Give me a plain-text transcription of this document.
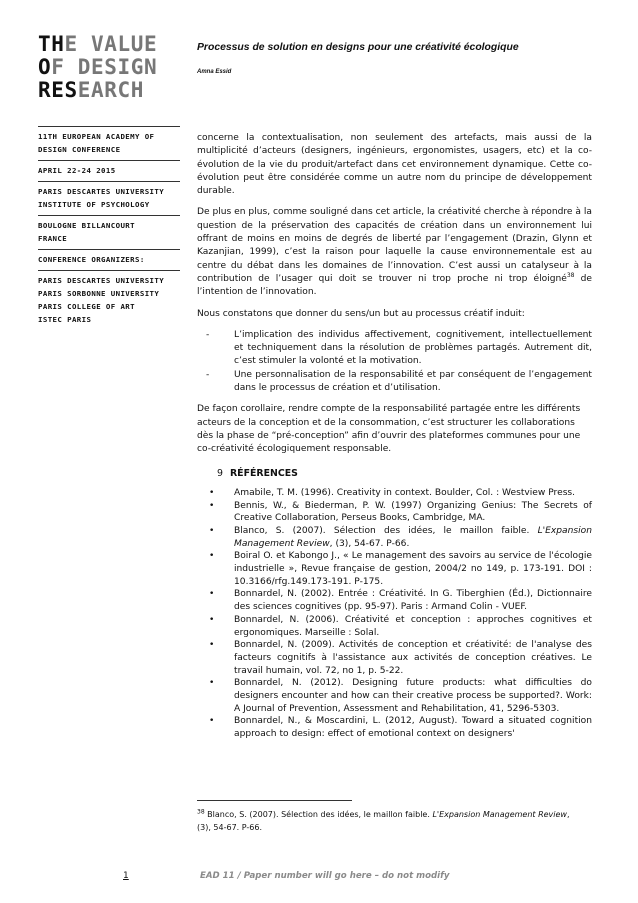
THE VALUE
OF DESIGN
RESEARCH
11TH EUROPEAN ACADEMY OF
DESIGN CONFERENCE
APRIL 22-24 2015
PARIS DESCARTES UNIVERSITY
INSTITUTE OF PSYCHOLOGY
BOULOGNE BILLANCOURT
FRANCE
CONFERENCE ORGANIZERS:
PARIS DESCARTES UNIVERSITY
PARIS SORBONNE UNIVERSITY
PARIS COLLEGE OF ART
ISTEC PARIS
Processus de solution en designs pour une créativité écologique
Amna Essid

concerne la contextualisation, non seulement des artefacts, mais aussi de la multiplicité d’acteurs (designers, ingénieurs, ergonomistes, usagers, etc) et la co-évolution de la vie du produit/artefact dans cet environnement dynamique. Cette co-évolution peut être considérée comme un autre nom du principe de développement durable.

De plus en plus, comme souligné dans cet article, la créativité cherche à répondre à la question de la préservation des capacités de création dans un environnement lui offrant de moins en moins de degrés de liberté par l’engagement (Drazin, Glynn et Kazanjian, 1999), c’est la raison pour laquelle la cause environnementale est au centre du débat dans les domaines de l’innovation. C’est aussi un catalyseur à la contribution de l’usager qui doit se trouver ni trop proche ni trop éloigné$^{38}$ de l’intention de l’innovation.

Nous constatons que donner du sens/un but au processus créatif induit:

-	L’implication des individus affectivement, cognitivement, intellectuellement et techniquement dans la résolution de problèmes partagés. Autrement dit, c’est stimuler la volonté et la motivation.
-	Une personnalisation de la responsabilité et par conséquent de l’engagement dans le processus de création et d’utilisation.

De façon corollaire, rendre compte de la responsabilité partagée entre les différents acteurs de la conception et de la consommation, c’est structurer les collaborations dès la phase de “pré-conception” afin d’ouvrir des plateformes communes pour une co-créativité écologiquement responsable.

9 RÉFÉRENCES
• Amabile, T. M. (1996). Creativity in context. Boulder, Col. : Westview Press.
• Bennis, W., & Biederman, P. W. (1997) Organizing Genius: The Secrets of Creative Collaboration, Perseus Books, Cambridge, MA.
• Blanco, S. (2007). Sélection des idées, le maillon faible. L'Expansion Management Review, (3), 54-67. P-66.
• Boiral O. et Kabongo J., « Le management des savoirs au service de l'écologie industrielle », Revue française de gestion, 2004/2 no 149, p. 173-191. DOI : 10.3166/rfg.149.173-191. P-175.
• Bonnardel, N. (2002). Entrée : Créativité. In G. Tiberghien (Éd.), Dictionnaire des sciences cognitives (pp. 95-97). Paris : Armand Colin - VUEF.
• Bonnardel, N. (2006). Créativité et conception : approches cognitives et ergonomiques. Marseille : Solal.
• Bonnardel, N. (2009). Activités de conception et créativité: de l'analyse des facteurs cognitifs à l'assistance aux activités de conception créatives. Le travail humain, vol. 72, no 1, p. 5-22.
• Bonnardel, N. (2012). Designing future products: what difficulties do designers encounter and how can their creative process be supported?. Work: A Journal of Prevention, Assessment and Rehabilitation, 41, 5296-5303.
• Bonnardel, N., & Moscardini, L. (2012, August). Toward a situated cognition approach to design: effect of emotional context on designers'
$^{38}$ Blanco, S. (2007). Sélection des idées, le maillon faible. L'Expansion Management Review, (3), 54-67. P-66.
1	EAD 11 / Paper number will go here – do not modify
